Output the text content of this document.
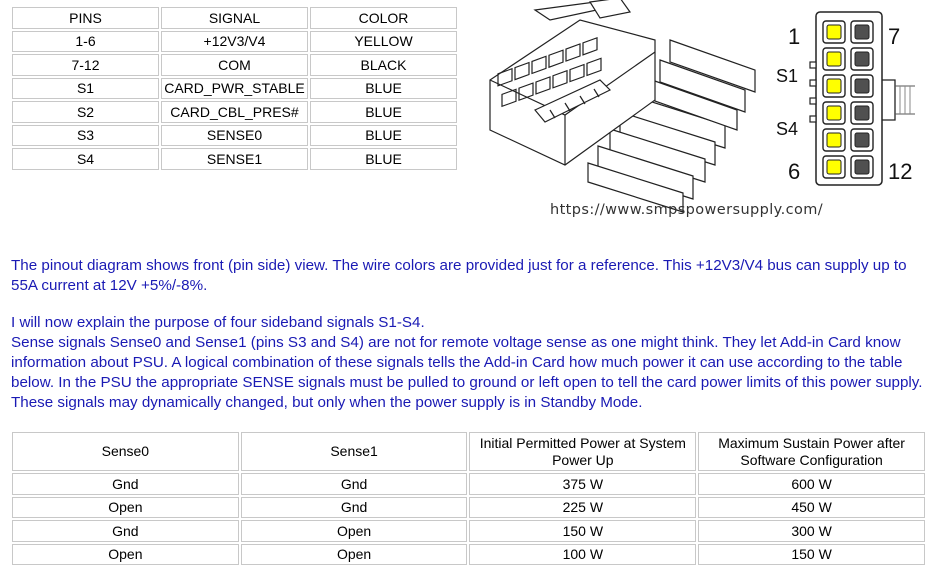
PINS	SIGNAL	COLOR
1-6	+12V3/V4	YELLOW
7-12	COM	BLACK
S1	CARD_PWR_STABLE	BLUE
S2	CARD_CBL_PRES#	BLUE
S3	SENSE0	BLUE
S4	SENSE1	BLUE
1	7
S1
S4
6	12
https://www.smpspowersupply.com/

The pinout diagram shows front (pin side) view. The wire colors are provided just for a reference. This +12V3/V4 bus can supply up to 55A current at 12V +5%/-8%.

I will now explain the purpose of four sideband signals S1-S4.
Sense signals Sense0 and Sense1 (pins S3 and S4) are not for remote voltage sense as one might think. They let Add-in Card know information about PSU. A logical combination of these signals tells the Add-in Card how much power it can use according to the table below. In the PSU the appropriate SENSE signals must be pulled to ground or left open to tell the card power limits of this power supply. These signals may dynamically changed, but only when the power supply is in Standby Mode.
Sense0	Sense1	Initial Permitted Power at System Power Up	Maximum Sustain Power after Software Configuration
Gnd	Gnd	375 W	600 W
Open	Gnd	225 W	450 W
Gnd	Open	150 W	300 W
Open	Open	100 W	150 W
